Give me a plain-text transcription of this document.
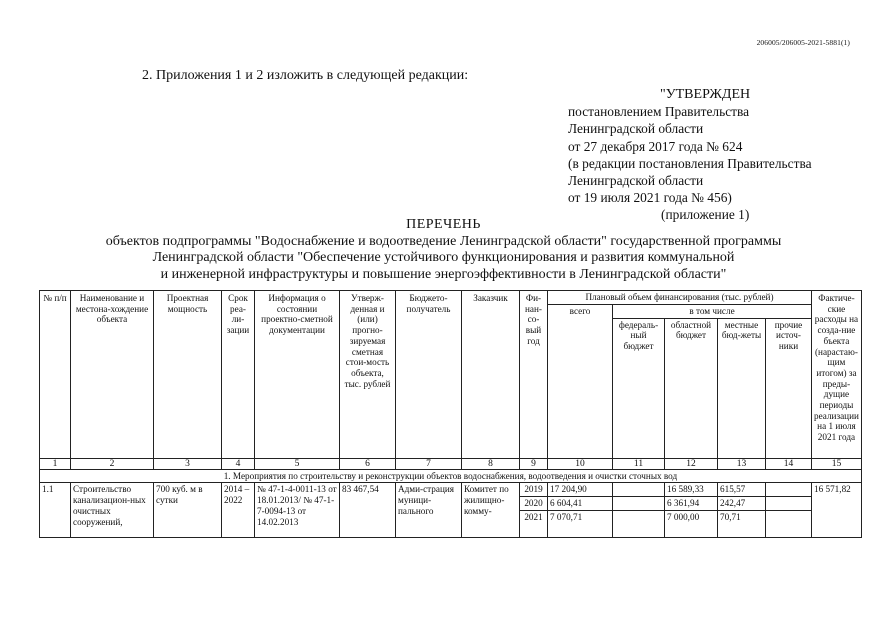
206005/206005-2021-5881(1)
2. Приложения 1 и 2 изложить в следующей редакции:
"УТВЕРЖДЕН
постановлением Правительства
Ленинградской области
от 27 декабря 2017 года № 624
(в редакции постановления Правительства
Ленинградской области
от 19 июля 2021 года № 456)
(приложение 1)
ПЕРЕЧЕНЬ
объектов подпрограммы "Водоснабжение и водоотведение Ленинградской области" государственной программы
Ленинградской области "Обеспечение устойчивого функционирования и развития коммунальной
и инженерной инфраструктуры и повышение энергоэффективности в Ленинградской области"
№ п/п	Наименование и местона-хождение объекта	Проектная мощность	Срок реа-ли-зации	Информация о состоянии проектно-сметной документации	Утверж-денная и (или) прогно-зируемая сметная стои-мость объекта, тыс. рублей	Бюджето-получатель	Заказчик	Фи-нан-со-вый год	Плановый объем финансирования (тыс. рублей)					Фактиче-ские расходы на созда-ние бъекта (нарастаю-щим итогом) за преды-дущие периоды реализации на 1 июля 2021 года
									всего	в том числе				
										федераль-ный бюджет	областной бюджет	местные бюд-жеты	прочие источ-ники	
1	2	3	4	5	6	7	8	9	10	11	12	13	14	15
1. Мероприятия по строительству и реконструкции объектов водоснабжения, водоотведения и очистки сточных вод														
1.1	Строительство канализацион-ных очистных сооружений,	700 куб. м в сутки	2014 – 2022	№ 47-1-4-0011-13 от 18.01.2013/ № 47-1-7-0094-13 от 14.02.2013	83 467,54	Адми-страция муници-пального	Комитет по жилищно-комму-	2019	17 204,90		16 589,33	615,57		16 571,82
								2020	6 604,41		6 361,94	242,47		
								2021	7 070,71		7 000,00	70,71		
